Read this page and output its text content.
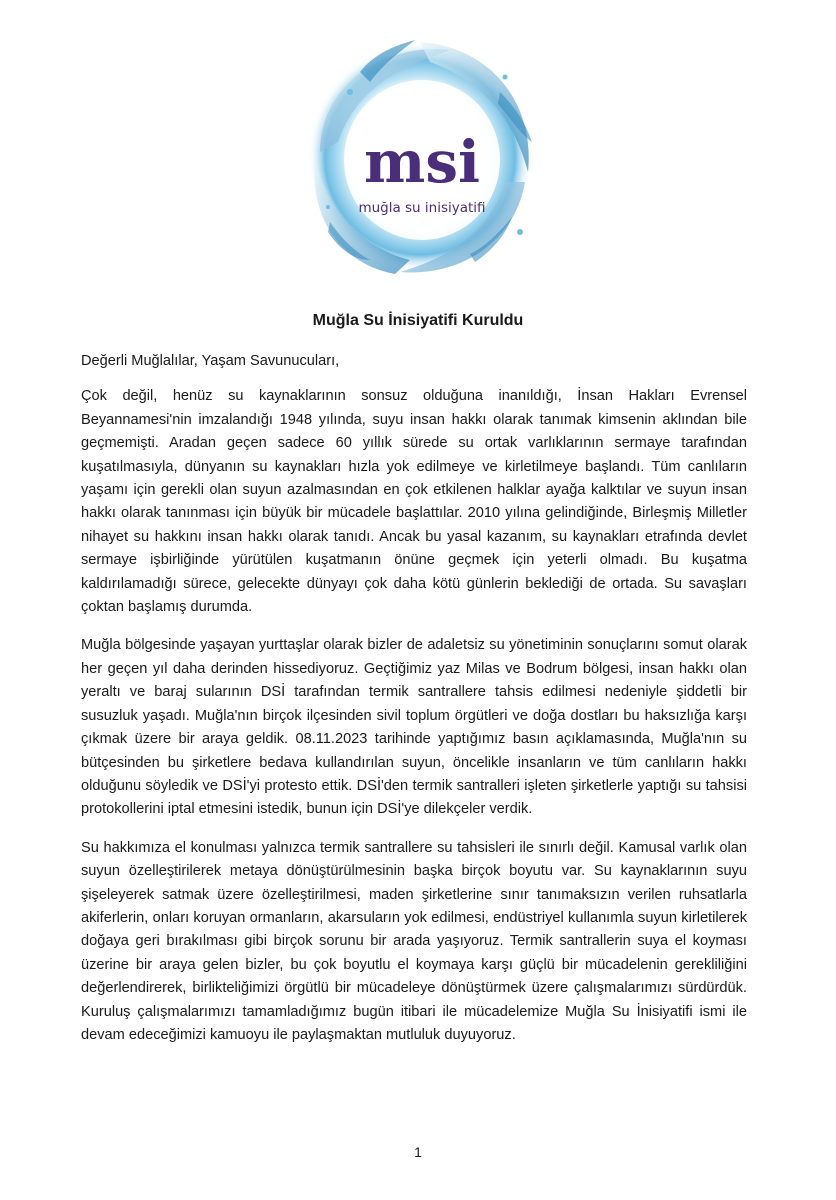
msi
muğla su inisiyatifi
Muğla Su İnisiyatifi Kuruldu

Değerli Muğlalılar, Yaşam Savunucuları,

Çok değil, henüz su kaynaklarının sonsuz olduğuna inanıldığı, İnsan Hakları Evrensel Beyannamesi'nin imzalandığı 1948 yılında, suyu insan hakkı olarak tanımak kimsenin aklından bile geçmemişti. Aradan geçen sadece 60 yıllık sürede su ortak varlıklarının sermaye tarafından kuşatılmasıyla, dünyanın su kaynakları hızla yok edilmeye ve kirletilmeye başlandı. Tüm canlıların yaşamı için gerekli olan suyun azalmasından en çok etkilenen halklar ayağa kalktılar ve suyun insan hakkı olarak tanınması için büyük bir mücadele başlattılar. 2010 yılına gelindiğinde, Birleşmiş Milletler nihayet su hakkını insan hakkı olarak tanıdı. Ancak bu yasal kazanım, su kaynakları etrafında devlet sermaye işbirliğinde yürütülen kuşatmanın önüne geçmek için yeterli olmadı. Bu kuşatma kaldırılamadığı sürece, gelecekte dünyayı çok daha kötü günlerin beklediği de ortada. Su savaşları çoktan başlamış durumda.

Muğla bölgesinde yaşayan yurttaşlar olarak bizler de adaletsiz su yönetiminin sonuçlarını somut olarak her geçen yıl daha derinden hissediyoruz. Geçtiğimiz yaz Milas ve Bodrum bölgesi, insan hakkı olan yeraltı ve baraj sularının DSİ tarafından termik santrallere tahsis edilmesi nedeniyle şiddetli bir susuzluk yaşadı. Muğla'nın birçok ilçesinden sivil toplum örgütleri ve doğa dostları bu haksızlığa karşı çıkmak üzere bir araya geldik. 08.11.2023 tarihinde yaptığımız basın açıklamasında, Muğla'nın su bütçesinden bu şirketlere bedava kullandırılan suyun, öncelikle insanların ve tüm canlıların hakkı olduğunu söyledik ve DSİ'yi protesto ettik. DSİ'den termik santralleri işleten şirketlerle yaptığı su tahsisi protokollerini iptal etmesini istedik, bunun için DSİ'ye dilekçeler verdik.

Su hakkımıza el konulması yalnızca termik santrallere su tahsisleri ile sınırlı değil. Kamusal varlık olan suyun özelleştirilerek metaya dönüştürülmesinin başka birçok boyutu var. Su kaynaklarının suyu şişeleyerek satmak üzere özelleştirilmesi, maden şirketlerine sınır tanımaksızın verilen ruhsatlarla akiferlerin, onları koruyan ormanların, akarsuların yok edilmesi, endüstriyel kullanımla suyun kirletilerek doğaya geri bırakılması gibi birçok sorunu bir arada yaşıyoruz. Termik santrallerin suya el koyması üzerine bir araya gelen bizler, bu çok boyutlu el koymaya karşı güçlü bir mücadelenin gerekliliğini değerlendirerek, birlikteliğimizi örgütlü bir mücadeleye dönüştürmek üzere çalışmalarımızı sürdürdük. Kuruluş çalışmalarımızı tamamladığımız bugün itibari ile mücadelemize Muğla Su İnisiyatifi ismi ile devam edeceğimizi kamuoyu ile paylaşmaktan mutluluk duyuyoruz.

1
